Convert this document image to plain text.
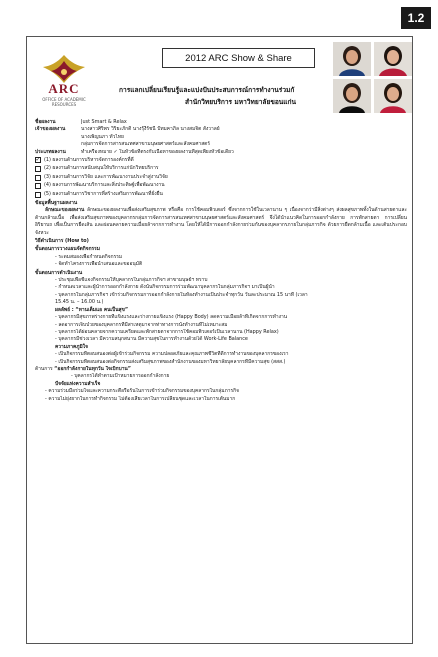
1.2
ARC
OFFICE OF ACADEMIC RESOURCES
2012 ARC Show & Share
การแลกเปลี่ยนเรียนรู้และแบ่งปันประสบการณ์การทำงานร่วมกั
สำนักวิทยบริการ มหาวิทยาลัยขอนแก่น
ชื่อผลงาน	Just Smart & Relax
เจ้าของผลงาน	นางสาวศิริพร วิริยะภักดิ์ นางรุ้งีรัชนี ปัทมคาภิล นางสมจิต สังวาลย์
นางเพ็ญนภา ทั่วไทย
กลุ่มการจัดการสารสนเทศสาขามนุษยศาสตร์และสังคมศาสตร์
ประเภทผลงาน	ทำเครื่องหมาย ✓ ในหัวข้อที่ตรงกับเนื้อหาของผลงานที่สุดเพียงหัวข้อเดียว
✓ (1) ผลงานด้านการบริหารจัดการองค์กรที่ดี
(2) ผลงานด้านการสนับสนุนให้บริการแก่นักวิทยบริการ
(3) ผลงานด้านการวิจัย และการพัฒนางานประจำสู่งานวิจัย
(4) ผลงานการพัฒนาบริการและสิ่งประดิษฐ์เพื่อพัฒนางาน
(5) ผลงานด้านการวิชาการที่สร้างเสริมการพัฒนาที่ยั่งยืน
ข้อมูลพื้นฐานผลงาน
ลักษณะของผลงาน ลักษณะของผลงานเพื่อส่งเสริมสุขภาพ หรือคือ การใช้คอมพิวเตอร์ ซึ่งจากการใช้ในเวลานาน ๆ เนื่องจากว่ามีสิ่งต่างๆ ส่งผลสุขภาพทั้งในด้านสายตาและด้านกล้ามเนื้อ เพื่อส่งเสริมสุขภาพของบุคลากรกลุ่มการจัดการสารสนเทศสาขามนุษยศาสตร์และสังคมศาสตร์ จึงได้นำแนวคิดในการออกกำลังกาย การพักสายตา การเปลี่ยนอิริยาบถ เพื่อเป็นการยืดเส้น และผ่อนคลายความเมื่อยล้าจากการทำงาน โดยให้ได้มีการออกกำลังกายร่วมกันของบุคลากรภายในกลุ่มภารกิจ ด้วยการยืดกล้ามเนื้อ และเต้นประกอบจังหวะ
วิธีดำเนินการ (How to)
ขั้นตอนการวางแผนจัดกิจกรรม
- ระดมสมองเพื่อกำหนดกิจกรรม
- จัดทำโครงการเพื่อนำเสนอและขออนุมัติ
ขั้นตอนการดำเนินงาน
- ประชุมเพื่อชี้แจงกิจกรรมให้บุคลากรในกลุ่มภารกิจฯ สาขามนุษย์ฯ ทราบ
- กำหนดเวลาและผู้นำการออกกำลังกาย ดังนั้นกิจกรรมการร่วมพัฒนาบุคลากรในกลุ่มภารกิจฯ มาเป็นผู้นำ
- บุคลากรในกลุ่มภารกิจฯ เข้าร่วมกิจกรรมการออกกำลังกายในห้องทำงานเป็นประจำทุกวัน วันละประมาณ 15 นาที (เวลา
15.45 น. – 16.00 น.)
ผลลัพธ์ : “ทานเต็มแอ คนเป็นสุข”
- บุคลากรมีสุขภาพร่างกายที่แข็งแรงและร่างกายแข็งแรง (Happy Body) ลดความเมื่อยล้าที่เกิดจากการทำงาน
- ลดอาการเจ็บป่วยของบุคลากรที่มีสาเหตุมาจากท่าทางการนั่งทำงานที่ไม่เหมาะสม
- บุคลากรได้ผ่อนคลายจากความเครียดและพักสายตาจากการใช้คอมพิวเตอร์เป็นเวลานาน (Happy Relax)
- บุคลากรมีช่วงเวลา มีความสนุกสนาน มีความสุขในการทำงานด้วยได้ Work-Life Balance
ความภาคภูมิใจ
- เป็นกิจกรรมที่ตอบสนองต่อผู้เข้าร่วมกิจกรรม ความปลอดภัยและคุณภาพชีวิตที่ดีการทำงานของบุคลากรของเรา
- เป็นกิจกรรมที่ตอบสนองต่อกิจกรรมส่งเสริมสุขภาพของสำนักงานของมหาวิทยาลัยบุคลากรที่มีความสุข (สสส.)
ด้านการ “ออกกำลังกายในทุกวัน ใจเบิกบาน”
- บุคลากรได้ทำตามเป้าหมายการออกกำลังกาย
ปัจจัยแห่งความสำเร็จ
- ความร่วมมือร่วมใจและความกระตือรือร้นในการเข้าร่วมกิจกรรมของบุคลากรในกลุ่มภารกิจ
- ความไม่ยุ่งยากในการทำกิจกรรม ไม่ต้องเสียเวลาในการเปลี่ยนชุดและเวลาในการเต้นมาก
